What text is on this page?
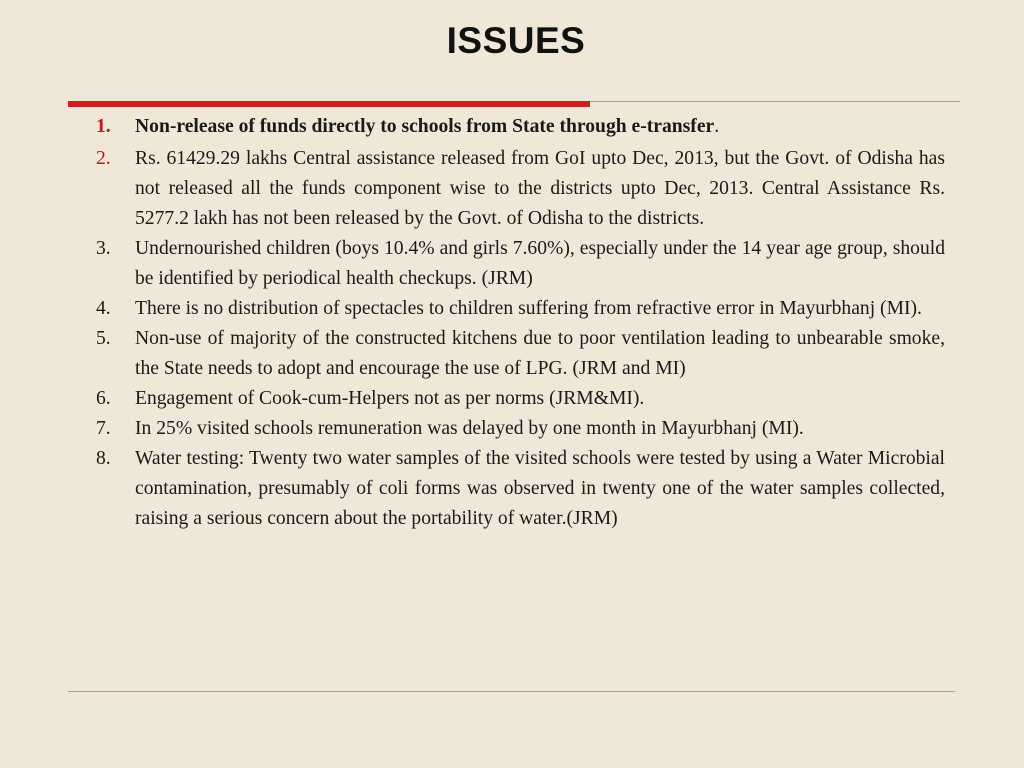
ISSUES
1.	Non-release of funds directly to schools from State through e-transfer.
2.	Rs. 61429.29 lakhs Central assistance released from GoI upto Dec, 2013, but the Govt. of Odisha has not released all the funds component wise to the districts upto Dec, 2013. Central Assistance Rs. 5277.2 lakh has not been released by the Govt. of Odisha to the districts.
3.	Undernourished children (boys 10.4% and girls 7.60%), especially under the 14 year age group, should be identified by periodical health checkups. (JRM)
4.	There is no distribution of spectacles to children suffering from refractive error in Mayurbhanj (MI).
5.	Non-use of majority of the constructed kitchens due to poor ventilation leading to unbearable smoke, the State needs to adopt and encourage the use of LPG. (JRM and MI)
6.	Engagement of Cook-cum-Helpers not as per norms (JRM&MI).
7.	In 25% visited schools remuneration was delayed by one month in Mayurbhanj (MI).
8.	Water testing: Twenty two water samples of the visited schools were tested by using a Water Microbial contamination, presumably of coli forms was observed in twenty one of the water samples collected, raising a serious concern about the portability of water.(JRM)
